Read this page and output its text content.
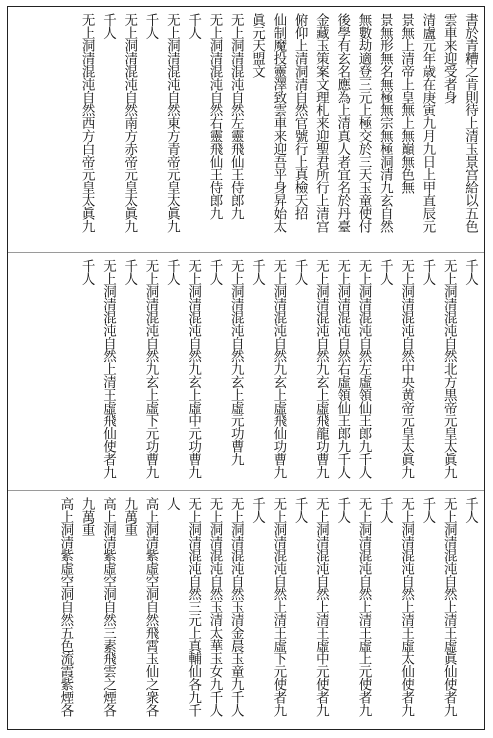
書於青糟之肯則待上清玉景宫給以五色
雲車来迎受者身
清盧元年歳在庚寅九月九日上甲直辰元
景無上清帝上皇無上無巔無色無
景無形無名無極無宗無極洞清九玄自然
無數劫適登三元上極交於三天玉童使付
後學有玄名應為上清真人者宜名於丹臺
金藏玉策案文理札来迎聖君所行上清宫
俯仰上清洞清自然官號行上真檢天招
仙制魔投靈澤致雲車来迎吾平身昇始太
眞元天盟文
无上洞清混沌自然左靈飛仙王侍郎九
无上洞清混沌自然右靈飛仙王侍郎九
千人
无上洞清混沌自然東方青帝元皇太眞九
千人
无上洞清混沌自然南方赤帝元皇太眞九
千人
无上洞清混沌自然西方白帝元皇太眞九
千人
无上洞清混沌自然北方黒帝元皇太眞九
千人
无上洞清混沌自然中央黄帝元皇太眞九
千人
无上洞清混沌自然左虛領仙王郎九千人
无上洞清混沌自然右虛領仙王郎九千人
无上洞清混沌自然九玄上虛飛龍功曹九
千人
无上洞清混沌自然九玄上虛飛仙功曹九
千人
无上洞清混沌自然九玄上虛元功曹九
千人
无上洞清混沌自然九玄上虛中元功曹九
千人
无上洞清混沌自然九玄上虛下元功曹九
千人
无上洞清混沌自然上清王虛飛仙使者九
千人
千人
无上洞清混沌自然上清王虛眞仙使者九
千人
无上洞清混沌自然上清王虛太仙使者九
千人
无上洞清混沌自然上清王虛上元使者九
千人
无上洞清混沌自然上清王虛中元使者九
千人
无上洞清混沌自然上清王虛下元使者九
千人
无上洞清混沌自然玉清金晨玉童九千人
无上洞清混沌自然玉清太華玉女九千人
无上洞清混沌自然三元上真輔仙各九千
人
高上洞清紫虛空洞自然飛霄玉仙之衆各
九萬重
高上洞清紫虛空洞自然三素飛雲之煙各
九萬重
高上洞清紫虛空洞自然五色流霞紫煙各
